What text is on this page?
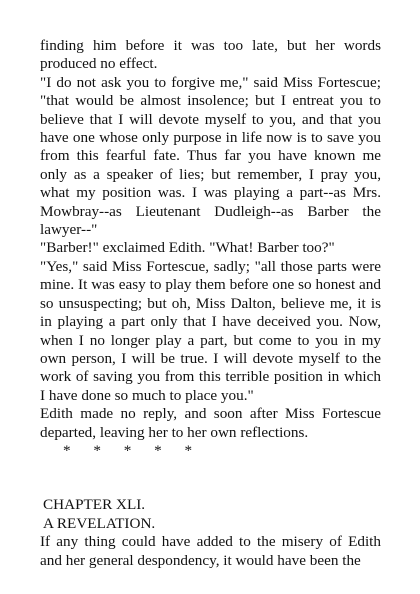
finding him before it was too late, but her words produced no effect.

"I do not ask you to forgive me," said Miss Fortescue; "that would be almost insolence; but I entreat you to believe that I will devote myself to you, and that you have one whose only purpose in life now is to save you from this fearful fate. Thus far you have known me only as a speaker of lies; but remember, I pray you, what my position was. I was playing a part--as Mrs. Mowbray--as Lieutenant Dudleigh--as Barber the lawyer--"

"Barber!" exclaimed Edith. "What! Barber too?"

"Yes," said Miss Fortescue, sadly; "all those parts were mine. It was easy to play them before one so honest and so unsuspecting; but oh, Miss Dalton, believe me, it is in playing a part only that I have deceived you. Now, when I no longer play a part, but come to you in my own person, I will be true. I will devote myself to the work of saving you from this terrible position in which I have done so much to place you."

Edith made no reply, and soon after Miss Fortescue departed, leaving her to her own reflections.

*      *      *      *      *

CHAPTER XLI.

A REVELATION.

If any thing could have added to the misery of Edith and her general despondency, it would have been the
